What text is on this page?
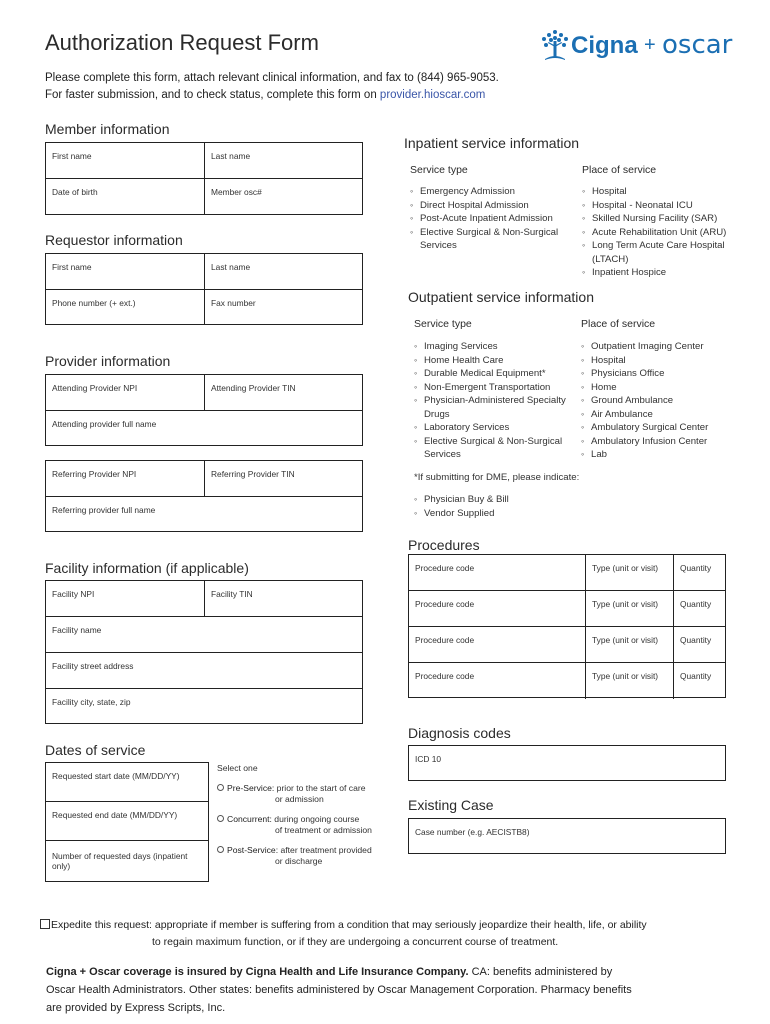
Authorization Request Form	Cigna + oscar
Please complete this form, attach relevant clinical information, and fax to (844) 965-9053.
For faster submission, and to check status, complete this form on provider.hioscar.com
Member information
First name	Last name
Date of birth	Member osc#
Requestor information
First name	Last name
Phone number (+ ext.)	Fax number
Provider information
Attending Provider NPI	Attending Provider TIN
Attending provider full name
Referring Provider NPI	Referring Provider TIN
Referring provider full name
Facility information (if applicable)
Facility NPI	Facility TIN
Facility name
Facility street address
Facility city, state, zip
Dates of service
Requested start date (MM/DD/YY)
Requested end date (MM/DD/YY)
Number of requested days (inpatient only)
Select one
Pre-Service: prior to the start of care
or admission
Concurrent: during ongoing course
of treatment or admission
Post-Service: after treatment provided
or discharge
Inpatient service information
Service type	Place of service
◦ Emergency Admission
◦ Direct Hospital Admission
◦ Post-Acute Inpatient Admission
◦ Elective Surgical & Non-Surgical Services
◦ Hospital
◦ Hospital - Neonatal ICU
◦ Skilled Nursing Facility (SAR)
◦ Acute Rehabilitation Unit (ARU)
◦ Long Term Acute Care Hospital (LTACH)
◦ Inpatient Hospice
Outpatient service information
Service type	Place of service
◦ Imaging Services
◦ Home Health Care
◦ Durable Medical Equipment*
◦ Non-Emergent Transportation
◦ Physician-Administered Specialty Drugs
◦ Laboratory Services
◦ Elective Surgical & Non-Surgical Services
◦ Outpatient Imaging Center
◦ Hospital
◦ Physicians Office
◦ Home
◦ Ground Ambulance
◦ Air Ambulance
◦ Ambulatory Surgical Center
◦ Ambulatory Infusion Center
◦ Lab
*If submitting for DME, please indicate:
◦ Physician Buy & Bill
◦ Vendor Supplied
Procedures
Procedure code	Type (unit or visit)	Quantity
Procedure code	Type (unit or visit)	Quantity
Procedure code	Type (unit or visit)	Quantity
Procedure code	Type (unit or visit)	Quantity
Diagnosis codes
ICD 10
Existing Case
Case number (e.g. AECISTB8)
Expedite this request: appropriate if member is suffering from a condition that may seriously jeopardize their health, life, or ability
to regain maximum function, or if they are undergoing a concurrent course of treatment.
Cigna + Oscar coverage is insured by Cigna Health and Life Insurance Company. CA: benefits administered by
Oscar Health Administrators. Other states: benefits administered by Oscar Management Corporation. Pharmacy benefits
are provided by Express Scripts, Inc.
